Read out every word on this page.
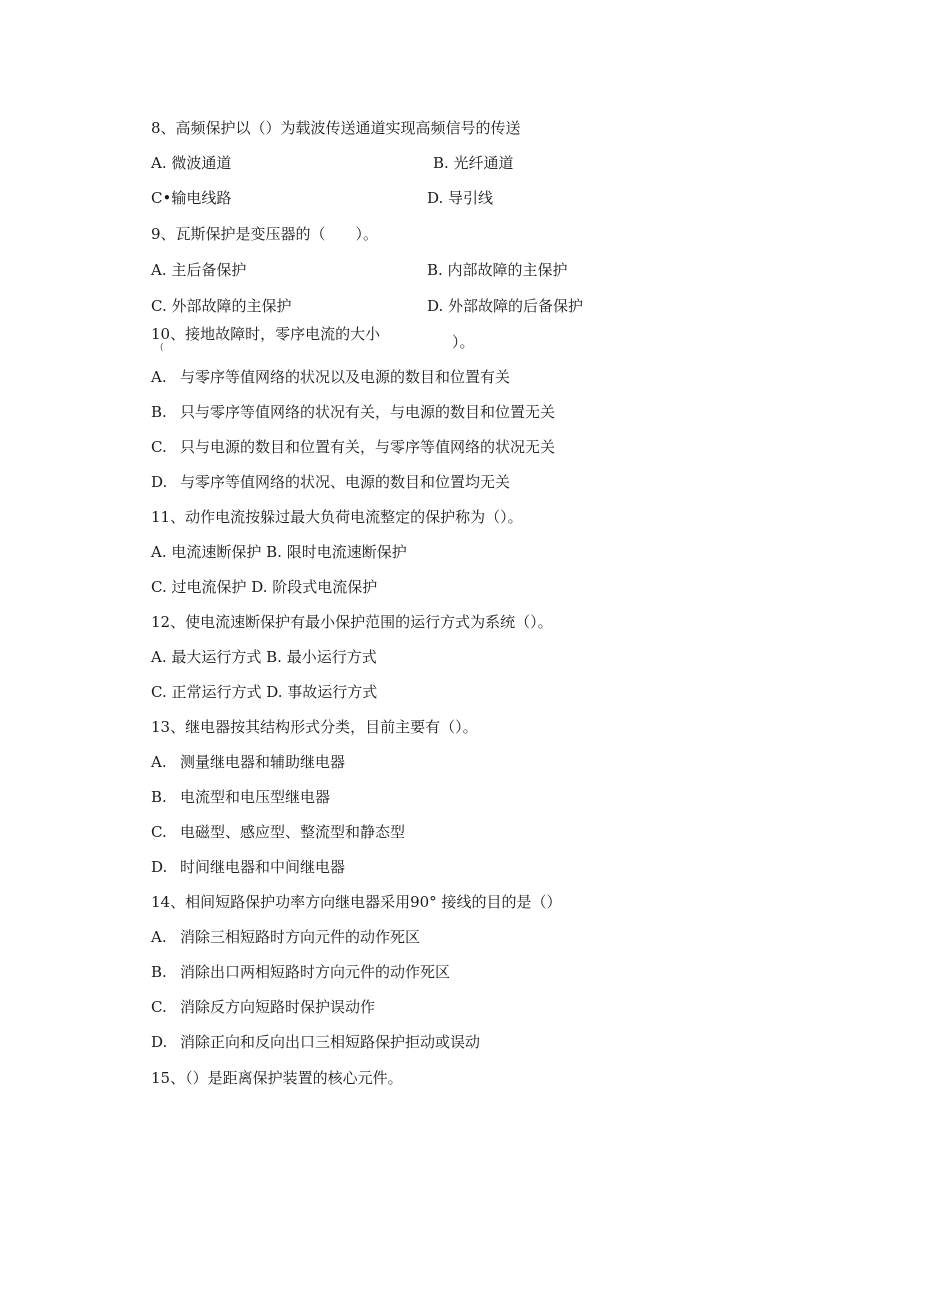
8、高频保护以（）为载波传送通道实现高频信号的传送
A. 微波通道	B. 光纤通道
C•输电线路	D. 导引线
9、瓦斯保护是变压器的（　　）。
A. 主后备保护	B. 内部故障的主保护
C. 外部故障的主保护	D. 外部故障的后备保护
10、接地故障时，零序电流的大小
(	）。
A. 与零序等值网络的状况以及电源的数目和位置有关
B. 只与零序等值网络的状况有关，与电源的数目和位置无关
C. 只与电源的数目和位置有关，与零序等值网络的状况无关
D. 与零序等值网络的状况、电源的数目和位置均无关
11、动作电流按躲过最大负荷电流整定的保护称为（）。
A. 电流速断保护 B. 限时电流速断保护
C. 过电流保护 D. 阶段式电流保护
12、使电流速断保护有最小保护范围的运行方式为系统（）。
A. 最大运行方式 B. 最小运行方式
C. 正常运行方式 D. 事故运行方式
13、继电器按其结构形式分类，目前主要有（）。
A. 测量继电器和辅助继电器
B. 电流型和电压型继电器
C. 电磁型、感应型、整流型和静态型
D. 时间继电器和中间继电器
14、相间短路保护功率方向继电器采用90° 接线的目的是（）
A. 消除三相短路时方向元件的动作死区
B. 消除出口两相短路时方向元件的动作死区
C. 消除反方向短路时保护误动作
D. 消除正向和反向出口三相短路保护拒动或误动
15、（）是距离保护装置的核心元件。
